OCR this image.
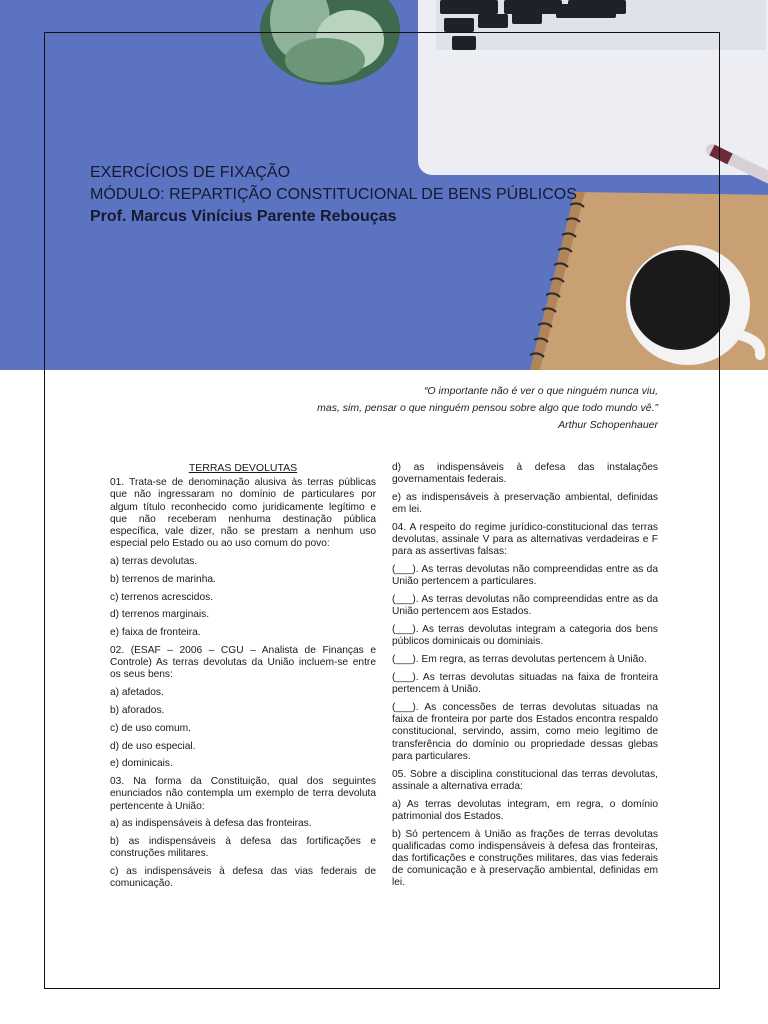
EXERCÍCIOS DE FIXAÇÃO
MÓDULO: REPARTIÇÃO CONSTITUCIONAL DE BENS PÚBLICOS
Prof. Marcus Vinícius Parente Rebouças
“O importante não é ver o que ninguém nunca viu,
mas, sim, pensar o que ninguém pensou sobre algo que todo mundo vê.”
Arthur Schopenhauer
TERRAS DEVOLUTAS

01. Trata-se de denominação alusiva às terras públicas que não ingressaram no domínio de particulares por algum título reconhecido como juridicamente legítimo e que não receberam nenhuma destinação pública específica, vale dizer, não se prestam a nenhum uso especial pelo Estado ou ao uso comum do povo:

a) terras devolutas.

b) terrenos de marinha.

c) terrenos acrescidos.

d) terrenos marginais.

e) faixa de fronteira.

02. (ESAF – 2006 – CGU – Analista de Finanças e Controle) As terras devolutas da União incluem-se entre os seus bens:

a) afetados.

b) aforados.

c) de uso comum.

d) de uso especial.

e) dominicais.

03. Na forma da Constituição, qual dos seguintes enunciados não contempla um exemplo de terra devoluta pertencente à União:

a) as indispensáveis à defesa das fronteiras.

b) as indispensáveis à defesa das fortificações e construções militares.

c) as indispensáveis à defesa das vias federais de comunicação.

d) as indispensáveis à defesa das instalações governamentais federais.

e) as indispensáveis à preservação ambiental, definidas em lei.

04. A respeito do regime jurídico-constitucional das terras devolutas, assinale V para as alternativas verdadeiras e F para as assertivas falsas:

(___). As terras devolutas não compreendidas entre as da União pertencem a particulares.

(___). As terras devolutas não compreendidas entre as da União pertencem aos Estados.

(___). As terras devolutas integram a categoria dos bens públicos dominicais ou dominiais.

(___). Em regra, as terras devolutas pertencem à União.

(___). As terras devolutas situadas na faixa de fronteira pertencem à União.

(___). As concessões de terras devolutas situadas na faixa de fronteira por parte dos Estados encontra respaldo constitucional, servindo, assim, como meio legítimo de transferência do domínio ou propriedade dessas glebas para particulares.

05. Sobre a disciplina constitucional das terras devolutas, assinale a alternativa errada:

a) As terras devolutas integram, em regra, o domínio patrimonial dos Estados.

b) Só pertencem à União as frações de terras devolutas qualificadas como indispensáveis à defesa das fronteiras, das fortificações e construções militares, das vias federais de comunicação e à preservação ambiental, definidas em lei.
